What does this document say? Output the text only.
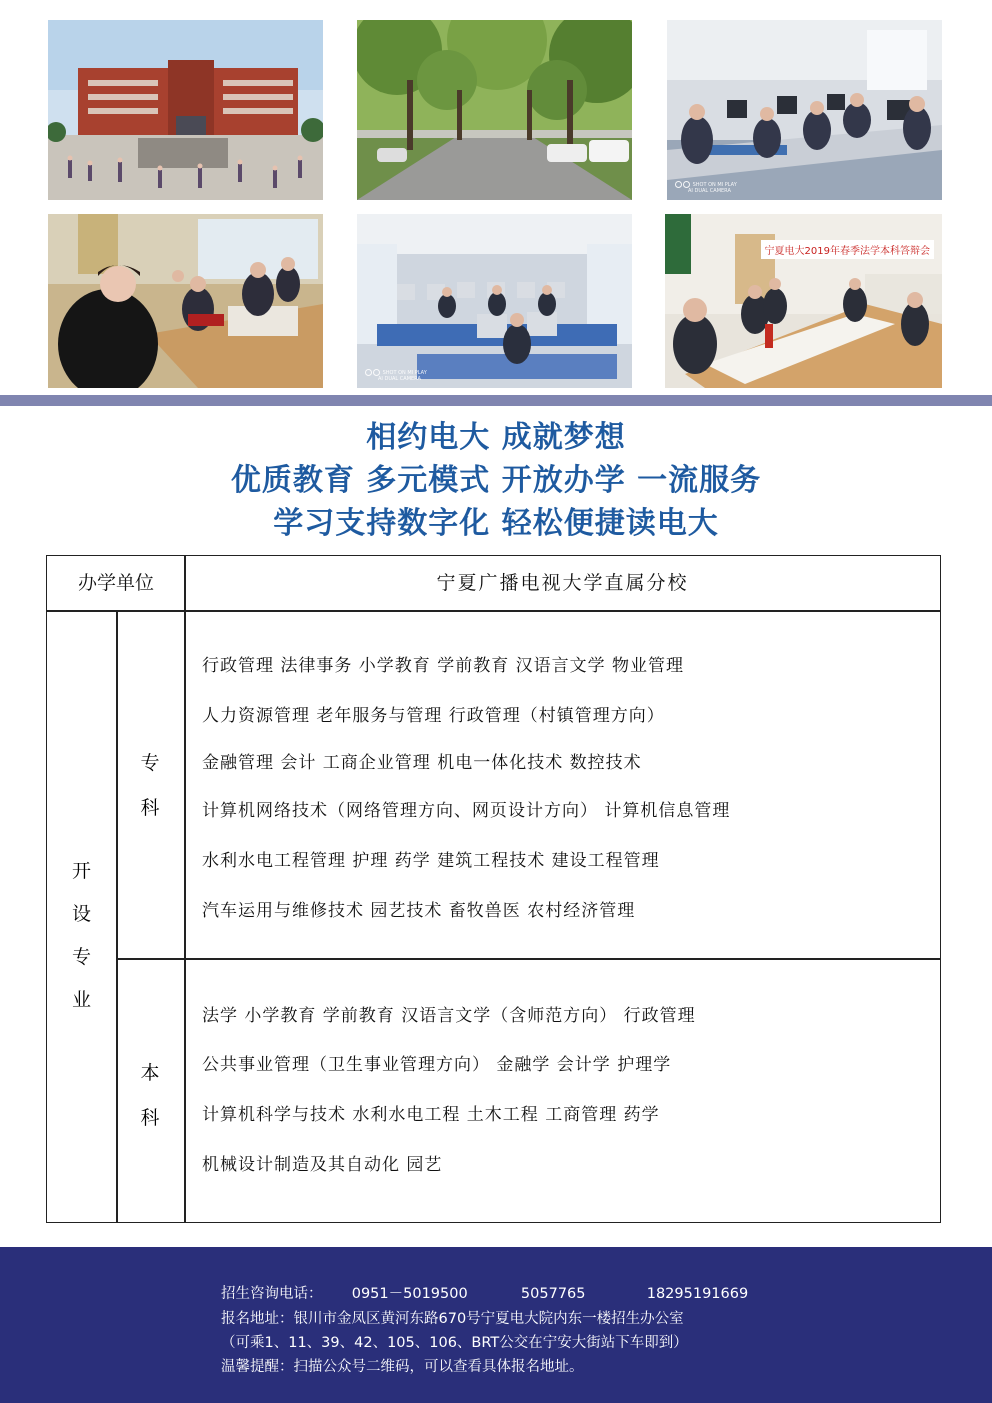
SHOT ON MI PLAY
AI DUAL CAMERA
SHOT ON MI PLAY
AI DUAL CAMERA
宁夏电大2019年春季法学本科答辩会
相约电大 成就梦想
优质教育 多元模式 开放办学 一流服务
学习支持数字化 轻松便捷读电大
办学单位	宁夏广播电视大学直属分校
开
设
专
业
专
科
行政管理 法律事务 小学教育 学前教育 汉语言文学 物业管理
人力资源管理 老年服务与管理 行政管理（村镇管理方向）
金融管理 会计 工商企业管理 机电一体化技术 数控技术
计算机网络技术（网络管理方向、网页设计方向） 计算机信息管理
水利水电工程管理 护理 药学 建筑工程技术 建设工程管理
汽车运用与维修技术 园艺技术 畜牧兽医 农村经济管理
本
科
法学 小学教育 学前教育 汉语言文学（含师范方向） 行政管理
公共事业管理（卫生事业管理方向） 金融学 会计学 护理学
计算机科学与技术 水利水电工程 土木工程 工商管理 药学
机械设计制造及其自动化 园艺
招生咨询电话： 0951－5019500	5057765	18295191669
报名地址：银川市金凤区黄河东路670号宁夏电大院内东一楼招生办公室
（可乘1、11、39、42、105、106、BRT公交在宁安大街站下车即到）
温馨提醒：扫描公众号二维码，可以查看具体报名地址。
